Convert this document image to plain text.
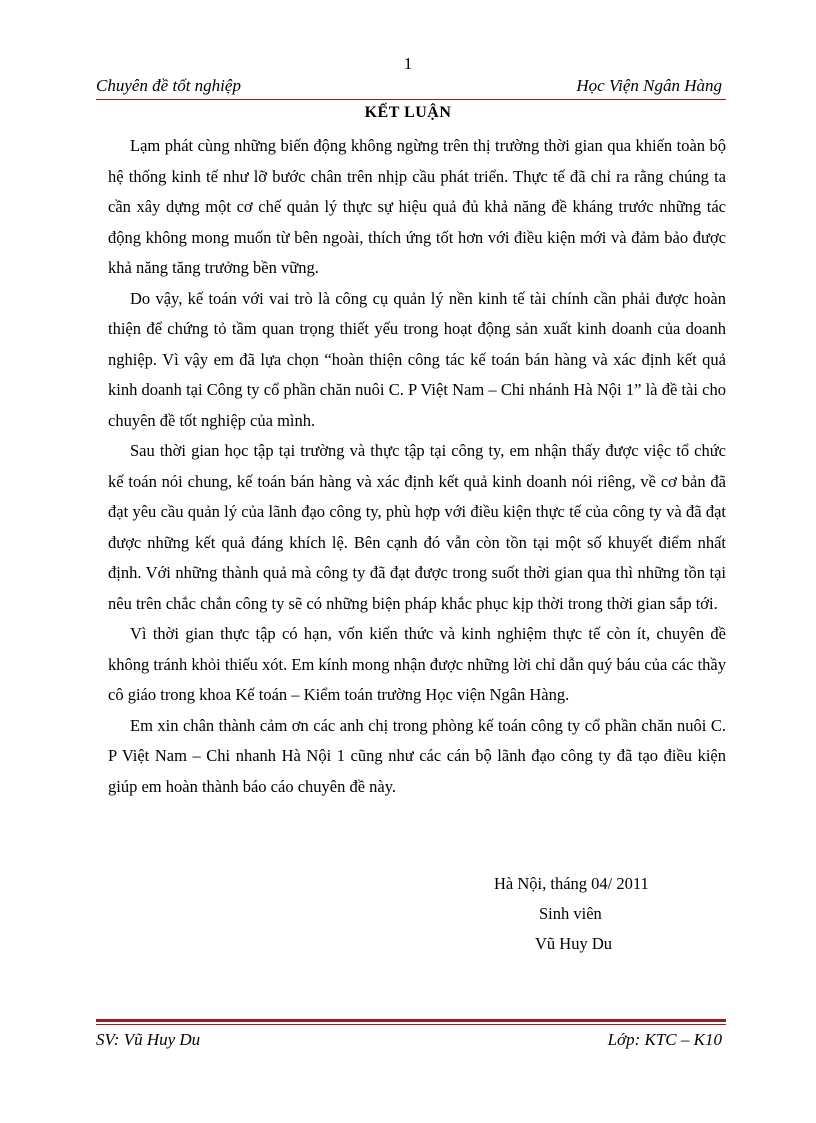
1
Chuyên đề tốt nghiệp	Học Viện Ngân Hàng
KẾT LUẬN

Lạm phát cùng những biến động không ngừng trên thị trường thời gian qua khiến toàn bộ hệ thống kinh tế như lỡ bước chân trên nhịp cầu phát triển. Thực tế đã chỉ ra rằng chúng ta cần xây dựng một cơ chế quản lý thực sự hiệu quả đủ khả năng đề kháng trước những tác động không mong muốn từ bên ngoài, thích ứng tốt hơn với điều kiện mới và đảm bảo được khả năng tăng trưởng bền vững.

Do vậy, kế toán với vai trò là công cụ quản lý nền kinh tế tài chính cần phải được hoàn thiện để chứng tỏ tầm quan trọng thiết yếu trong hoạt động sản xuất kinh doanh của doanh nghiệp. Vì vậy em đã lựa chọn “hoàn thiện công tác kế toán bán hàng và xác định kết quả kinh doanh tại Công ty cổ phần chăn nuôi C. P Việt Nam – Chi nhánh Hà Nội 1” là đề tài cho chuyên đề tốt nghiệp của mình.

Sau thời gian học tập tại trường và thực tập tại công ty, em nhận thấy được việc tổ chức kế toán nói chung, kế toán bán hàng và xác định kết quả kinh doanh nói riêng, về cơ bản đã đạt yêu cầu quản lý của lãnh đạo công ty, phù hợp với điều kiện thực tế của công ty và đã đạt được những kết quả đáng khích lệ. Bên cạnh đó vẫn còn tồn tại một số khuyết điểm nhất định. Với những thành quả mà công ty đã đạt được trong suốt thời gian qua thì những tồn tại nêu trên chắc chắn công ty sẽ có những biện pháp khắc phục kịp thời trong thời gian sắp tới.

Vì thời gian thực tập có hạn, vốn kiến thức và kinh nghiệm thực tế còn ít, chuyên đề không tránh khỏi thiếu xót. Em kính mong nhận được những lời chỉ dẫn quý báu của các thầy cô giáo trong khoa Kế toán – Kiểm toán trường Học viện Ngân Hàng.

Em xin chân thành cảm ơn các anh chị trong phòng kế toán công ty cổ phần chăn nuôi C. P Việt Nam – Chi nhanh Hà Nội 1 cũng như các cán bộ lãnh đạo công ty đã tạo điều kiện giúp em hoàn thành báo cáo chuyên đề này.

Hà Nội, tháng 04/ 2011
Sinh viên
Vũ Huy Du
SV: Vũ Huy Du	Lớp: KTC – K10
